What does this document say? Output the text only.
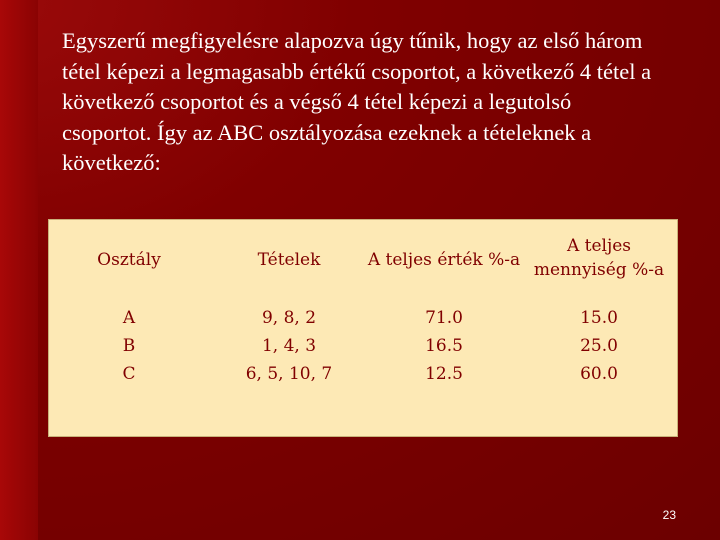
Egyszerű megfigyelésre alapozva úgy tűnik, hogy az első három tétel képezi a legmagasabb értékű csoportot, a következő 4 tétel a következő csoportot és a végső 4 tétel képezi a legutolsó csoportot. Így az ABC osztályozása ezeknek a tételeknek a következő:
Osztály	Tételek	A teljes érték %-a
A teljes mennyiség %-a
A
B
C
9, 8, 2
1, 4, 3
6, 5, 10, 7
71.0
16.5
12.5
15.0
25.0
60.0
23
